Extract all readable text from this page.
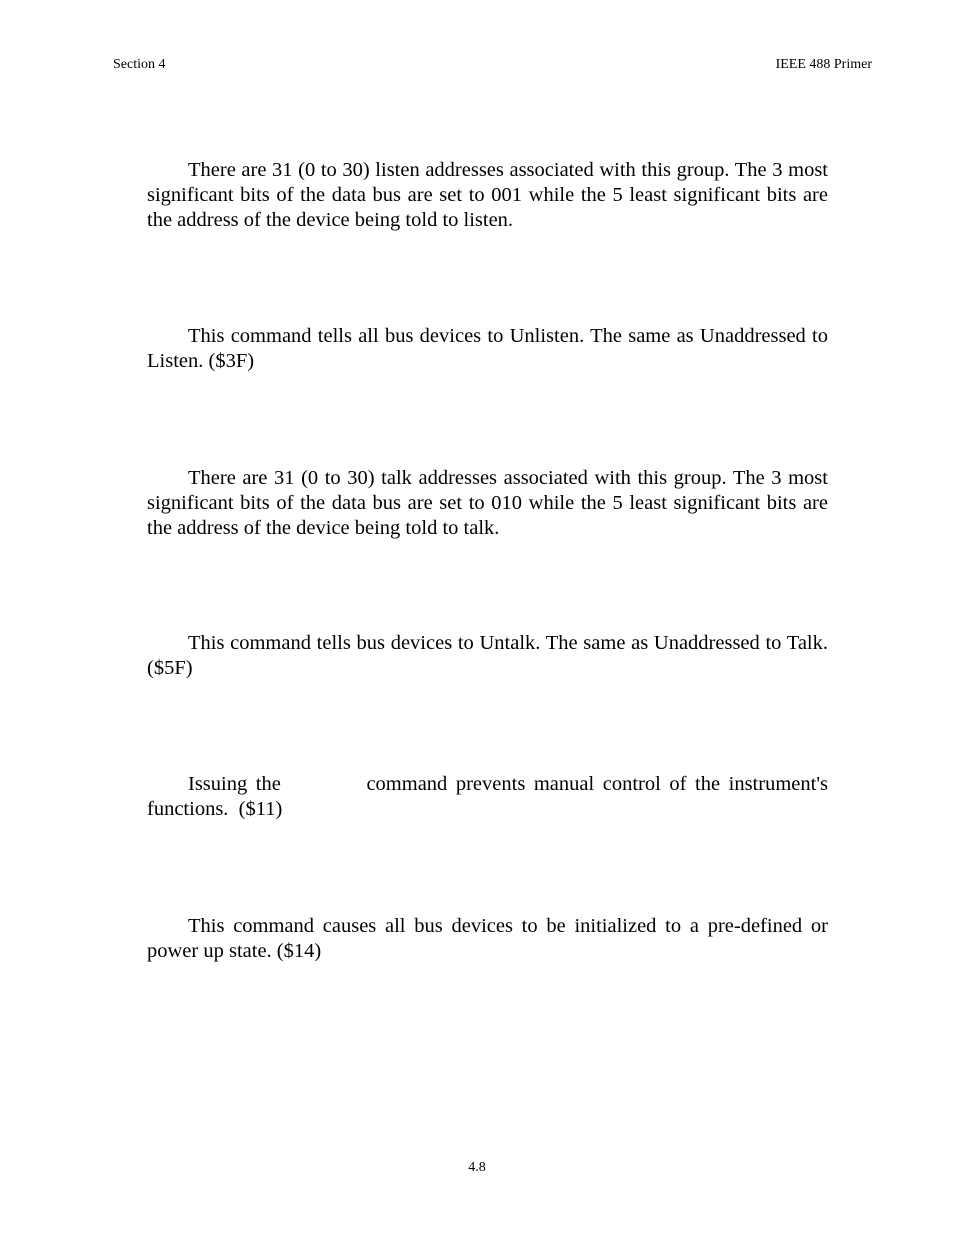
Section 4	IEEE 488 Primer

There are 31 (0 to 30) listen addresses associated with this group. The 3 most significant bits of the data bus are set to 001 while the 5 least significant bits are the address of the device being told to listen.

This command tells all bus devices to Unlisten. The same as Unaddressed to Listen. ($3F)

There are 31 (0 to 30) talk addresses associated with this group. The 3 most significant bits of the data bus are set to 010 while the 5 least significant bits are the address of the device being told to talk.

This command tells bus devices to Untalk. The same as Unaddressed to Talk. ($5F)

Issuing the          command prevents manual control of the instrument's functions.  ($11)

This command causes all bus devices to be initialized to a pre-defined or power up state. ($14)

4.8
